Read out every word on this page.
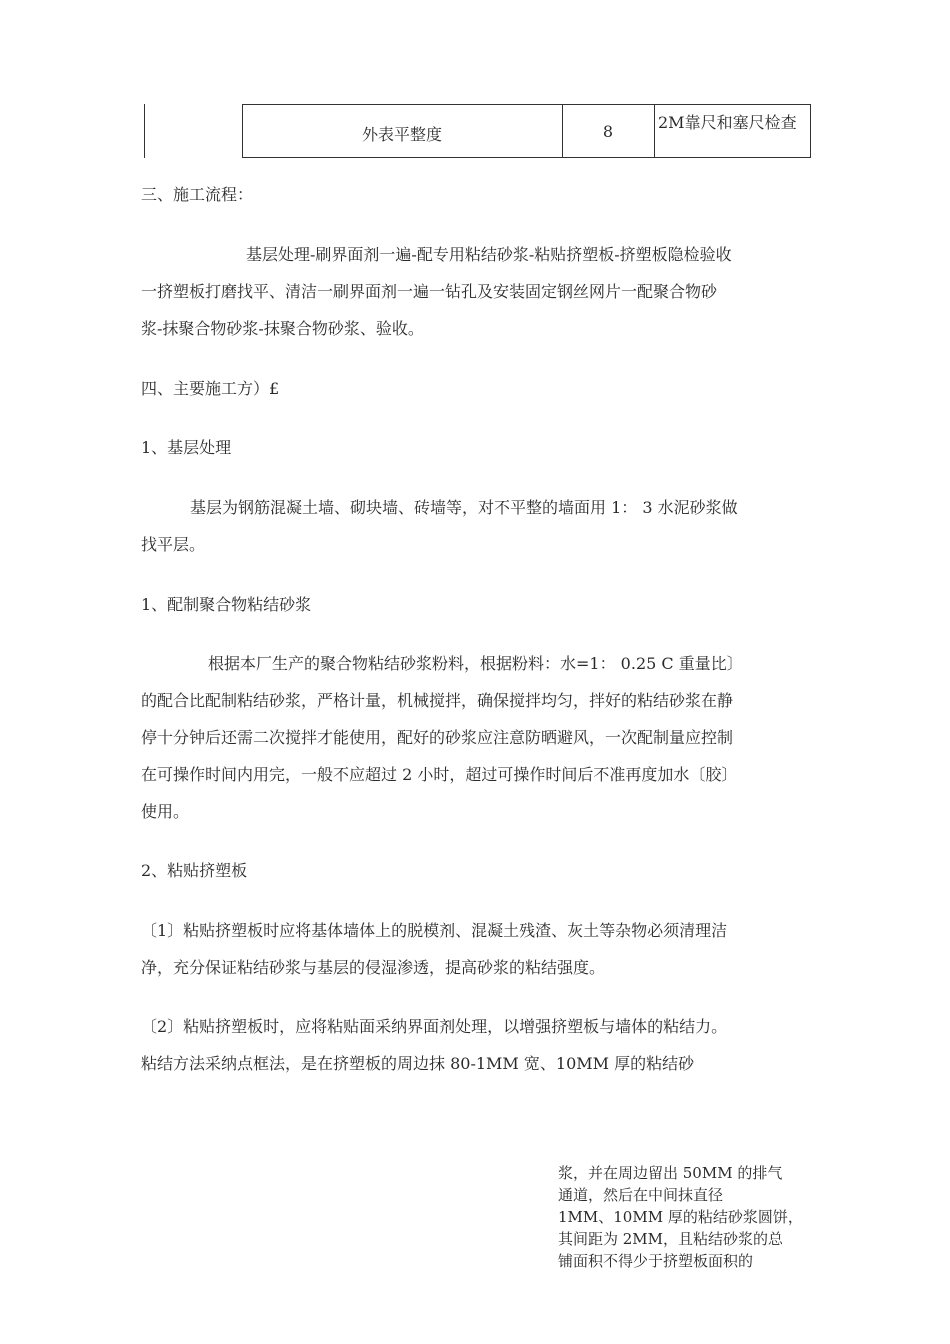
外表平整度	8	2M靠尺和塞尺检查
三、施工流程：
基层处理-刷界面剂一遍-配专用粘结砂浆-粘贴挤塑板-挤塑板隐检验收
一挤塑板打磨找平、清洁一刷界面剂一遍一钻孔及安装固定钢丝网片一配聚合物砂
浆-抹聚合物砂浆-抹聚合物砂浆、验收。
四、主要施工方）£
1、基层处理
基层为钢筋混凝土墙、砌块墙、砖墙等，对不平整的墙面用 1： 3 水泥砂浆做
找平层。
1、配制聚合物粘结砂浆
根据本厂生产的聚合物粘结砂浆粉料，根据粉料：水=1： 0.25 C 重量比〕
的配合比配制粘结砂浆，严格计量，机械搅拌，确保搅拌均匀，拌好的粘结砂浆在静
停十分钟后还需二次搅拌才能使用，配好的砂浆应注意防晒避风，一次配制量应控制
在可操作时间内用完，一般不应超过 2 小时，超过可操作时间后不准再度加水〔胶〕
使用。
2、粘贴挤塑板
〔1〕粘贴挤塑板时应将基体墙体上的脱模剂、混凝土残渣、灰土等杂物必须清理洁
净，充分保证粘结砂浆与基层的侵湿渗透，提高砂浆的粘结强度。
〔2〕粘贴挤塑板时，应将粘贴面采纳界面剂处理，以增强挤塑板与墙体的粘结力。
粘结方法采纳点框法，是在挤塑板的周边抹 80-1MM 宽、10MM 厚的粘结砂
浆，并在周边留出 50MM 的排气
通道，然后在中间抹直径
1MM、10MM 厚的粘结砂浆圆饼，
其间距为 2MM，且粘结砂浆的总
铺面积不得少于挤塑板面积的
